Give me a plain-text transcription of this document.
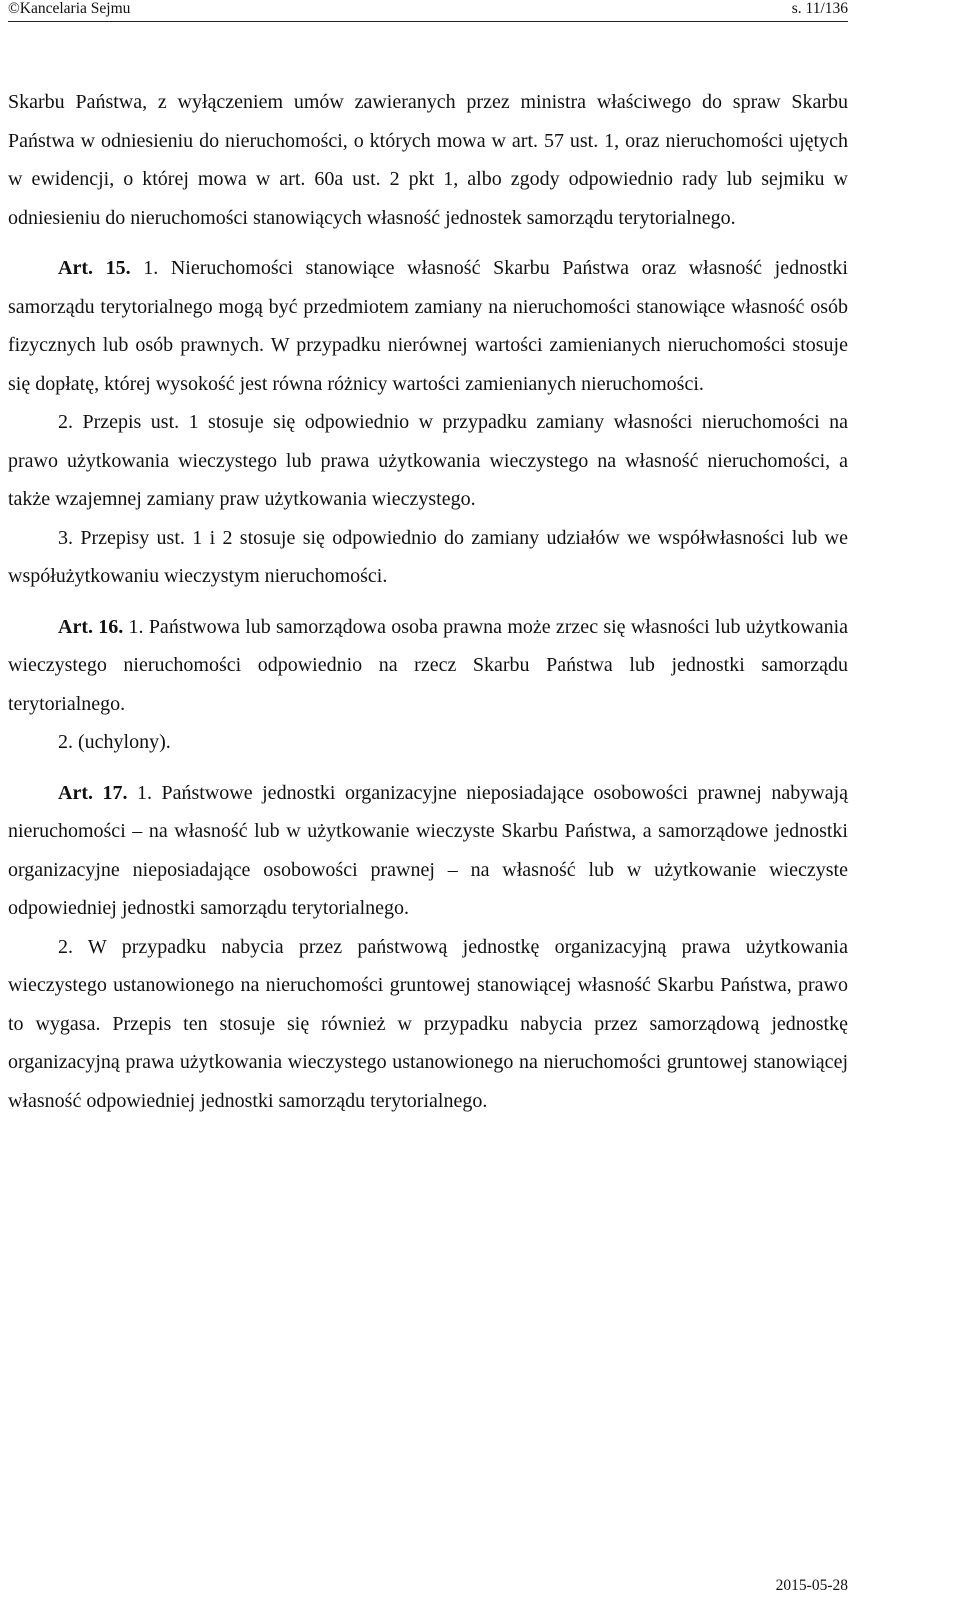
©Kancelaria Sejmu	s. 11/136

Skarbu Państwa, z wyłączeniem umów zawieranych przez ministra właściwego do spraw Skarbu Państwa w odniesieniu do nieruchomości, o których mowa w art. 57 ust. 1, oraz nieruchomości ujętych w ewidencji, o której mowa w art. 60a ust. 2 pkt 1, albo zgody odpowiednio rady lub sejmiku w odniesieniu do nieruchomości stanowiących własność jednostek samorządu terytorialnego.

Art. 15. 1. Nieruchomości stanowiące własność Skarbu Państwa oraz własność jednostki samorządu terytorialnego mogą być przedmiotem zamiany na nieruchomości stanowiące własność osób fizycznych lub osób prawnych. W przypadku nierównej wartości zamienianych nieruchomości stosuje się dopłatę, której wysokość jest równa różnicy wartości zamienianych nieruchomości.

2. Przepis ust. 1 stosuje się odpowiednio w przypadku zamiany własności nieruchomości na prawo użytkowania wieczystego lub prawa użytkowania wieczystego na własność nieruchomości, a także wzajemnej zamiany praw użytkowania wieczystego.

3. Przepisy ust. 1 i 2 stosuje się odpowiednio do zamiany udziałów we współwłasności lub we współużytkowaniu wieczystym nieruchomości.

Art. 16. 1. Państwowa lub samorządowa osoba prawna może zrzec się własności lub użytkowania wieczystego nieruchomości odpowiednio na rzecz Skarbu Państwa lub jednostki samorządu terytorialnego.

2. (uchylony).

Art. 17. 1. Państwowe jednostki organizacyjne nieposiadające osobowości prawnej nabywają nieruchomości – na własność lub w użytkowanie wieczyste Skarbu Państwa, a samorządowe jednostki organizacyjne nieposiadające osobowości prawnej – na własność lub w użytkowanie wieczyste odpowiedniej jednostki samorządu terytorialnego.

2. W przypadku nabycia przez państwową jednostkę organizacyjną prawa użytkowania wieczystego ustanowionego na nieruchomości gruntowej stanowiącej własność Skarbu Państwa, prawo to wygasa. Przepis ten stosuje się również w przypadku nabycia przez samorządową jednostkę organizacyjną prawa użytkowania wieczystego ustanowionego na nieruchomości gruntowej stanowiącej własność odpowiedniej jednostki samorządu terytorialnego.

2015-05-28
